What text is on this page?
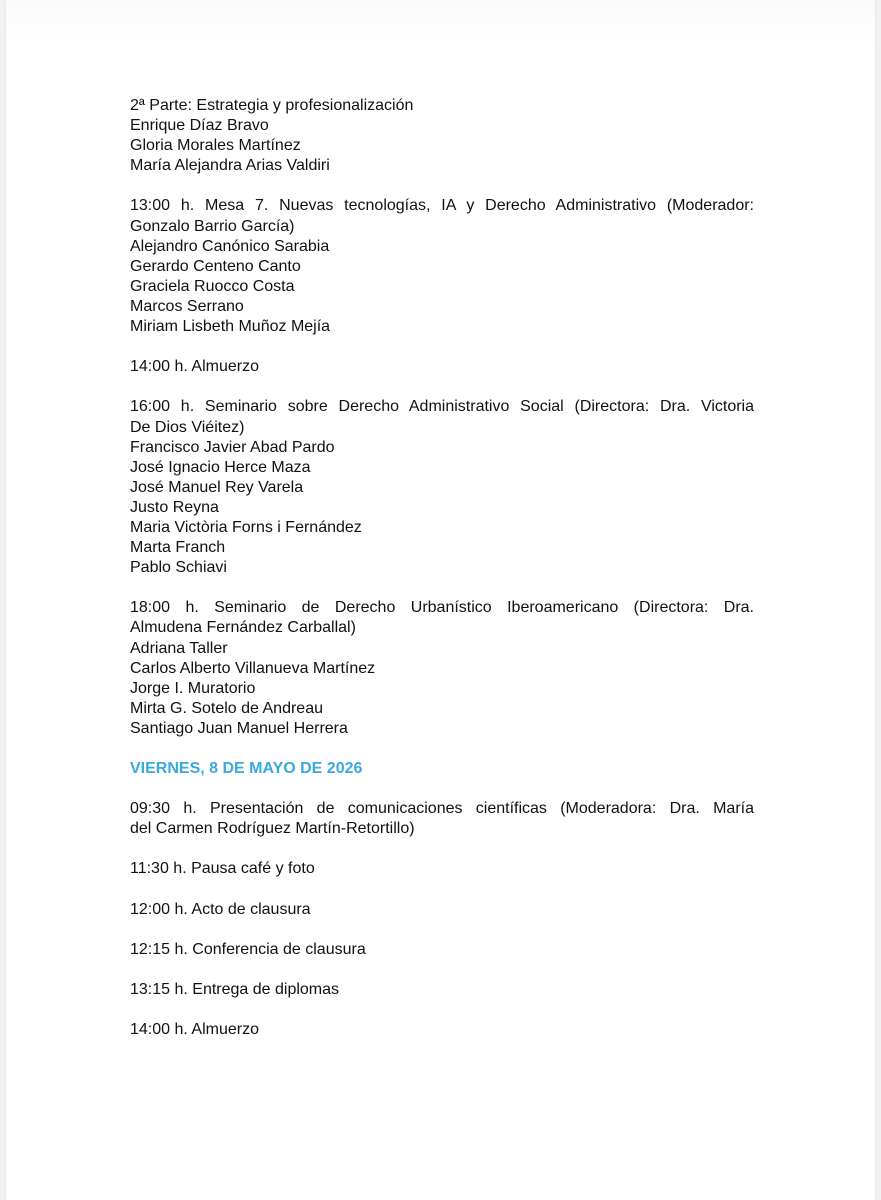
2ª Parte: Estrategia y profesionalización
Enrique Díaz Bravo
Gloria Morales Martínez
María Alejandra Arias Valdiri
13:00 h. Mesa 7. Nuevas tecnologías, IA y Derecho Administrativo (Moderador:
Gonzalo Barrio García)
Alejandro Canónico Sarabia
Gerardo Centeno Canto
Graciela Ruocco Costa
Marcos Serrano
Miriam Lisbeth Muñoz Mejía
14:00 h. Almuerzo
16:00 h. Seminario sobre Derecho Administrativo Social (Directora: Dra. Victoria
De Dios Viéitez)
Francisco Javier Abad Pardo
José Ignacio Herce Maza
José Manuel Rey Varela
Justo Reyna
Maria Victòria Forns i Fernández
Marta Franch
Pablo Schiavi
18:00 h. Seminario de Derecho Urbanístico Iberoamericano (Directora: Dra.
Almudena Fernández Carballal)
Adriana Taller
Carlos Alberto Villanueva Martínez
Jorge I. Muratorio
Mirta G. Sotelo de Andreau
Santiago Juan Manuel Herrera
VIERNES, 8 DE MAYO DE 2026
09:30 h. Presentación de comunicaciones científicas (Moderadora: Dra. María
del Carmen Rodríguez Martín-Retortillo)
11:30 h. Pausa café y foto
12:00 h. Acto de clausura
12:15 h. Conferencia de clausura
13:15 h. Entrega de diplomas
14:00 h. Almuerzo
